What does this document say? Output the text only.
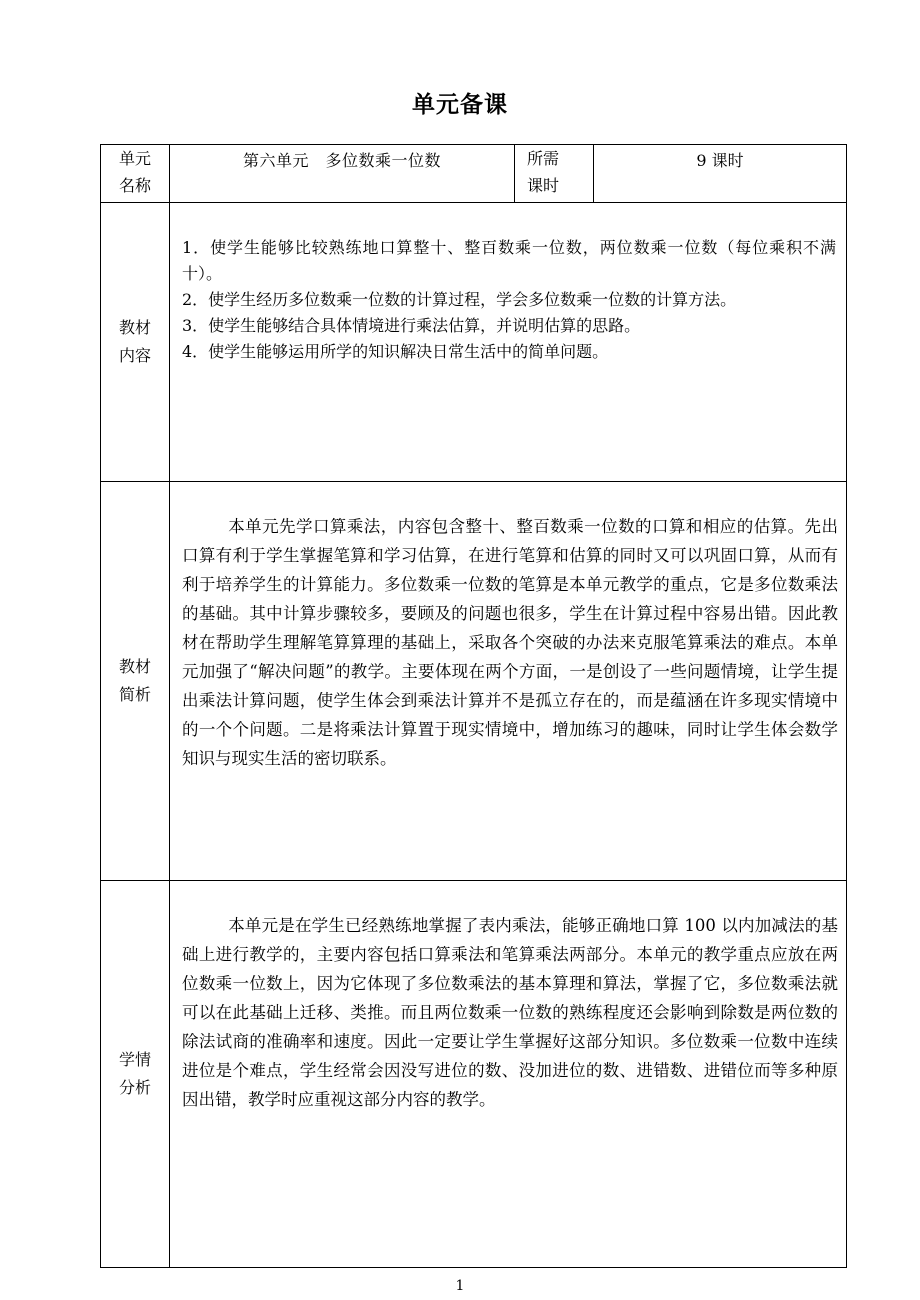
单元备课
单元名称	第六单元　多位数乘一位数	所需课时	9 课时
教材内容	1．使学生能够比较熟练地口算整十、整百数乘一位数，两位数乘一位数（每位乘积不满十）。

2．使学生经历多位数乘一位数的计算过程，学会多位数乘一位数的计算方法。

3．使学生能够结合具体情境进行乘法估算，并说明估算的思路。

4．使学生能够运用所学的知识解决日常生活中的简单问题。		

教材简析	本单元先学口算乘法，内容包含整十、整百数乘一位数的口算和相应的估算。先出口算有利于学生掌握笔算和学习估算，在进行笔算和估算的同时又可以巩固口算，从而有利于培养学生的计算能力。多位数乘一位数的笔算是本单元教学的重点，它是多位数乘法的基础。其中计算步骤较多，要顾及的问题也很多，学生在计算过程中容易出错。因此教材在帮助学生理解笔算算理的基础上，采取各个突破的办法来克服笔算乘法的难点。本单元加强了“解决问题”的教学。主要体现在两个方面，一是创设了一些问题情境，让学生提出乘法计算问题，使学生体会到乘法计算并不是孤立存在的，而是蕴涵在许多现实情境中的一个个问题。二是将乘法计算置于现实情境中，增加练习的趣味，同时让学生体会数学知识与现实生活的密切联系。		

学情分析	本单元是在学生已经熟练地掌握了表内乘法，能够正确地口算 100 以内加减法的基础上进行教学的，主要内容包括口算乘法和笔算乘法两部分。本单元的教学重点应放在两位数乘一位数上，因为它体现了多位数乘法的基本算理和算法，掌握了它，多位数乘法就可以在此基础上迁移、类推。而且两位数乘一位数的熟练程度还会影响到除数是两位数的除法试商的准确率和速度。因此一定要让学生掌握好这部分知识。多位数乘一位数中连续进位是个难点，学生经常会因没写进位的数、没加进位的数、进错数、进错位而等多种原因出错，教学时应重视这部分内容的教学。		

1
